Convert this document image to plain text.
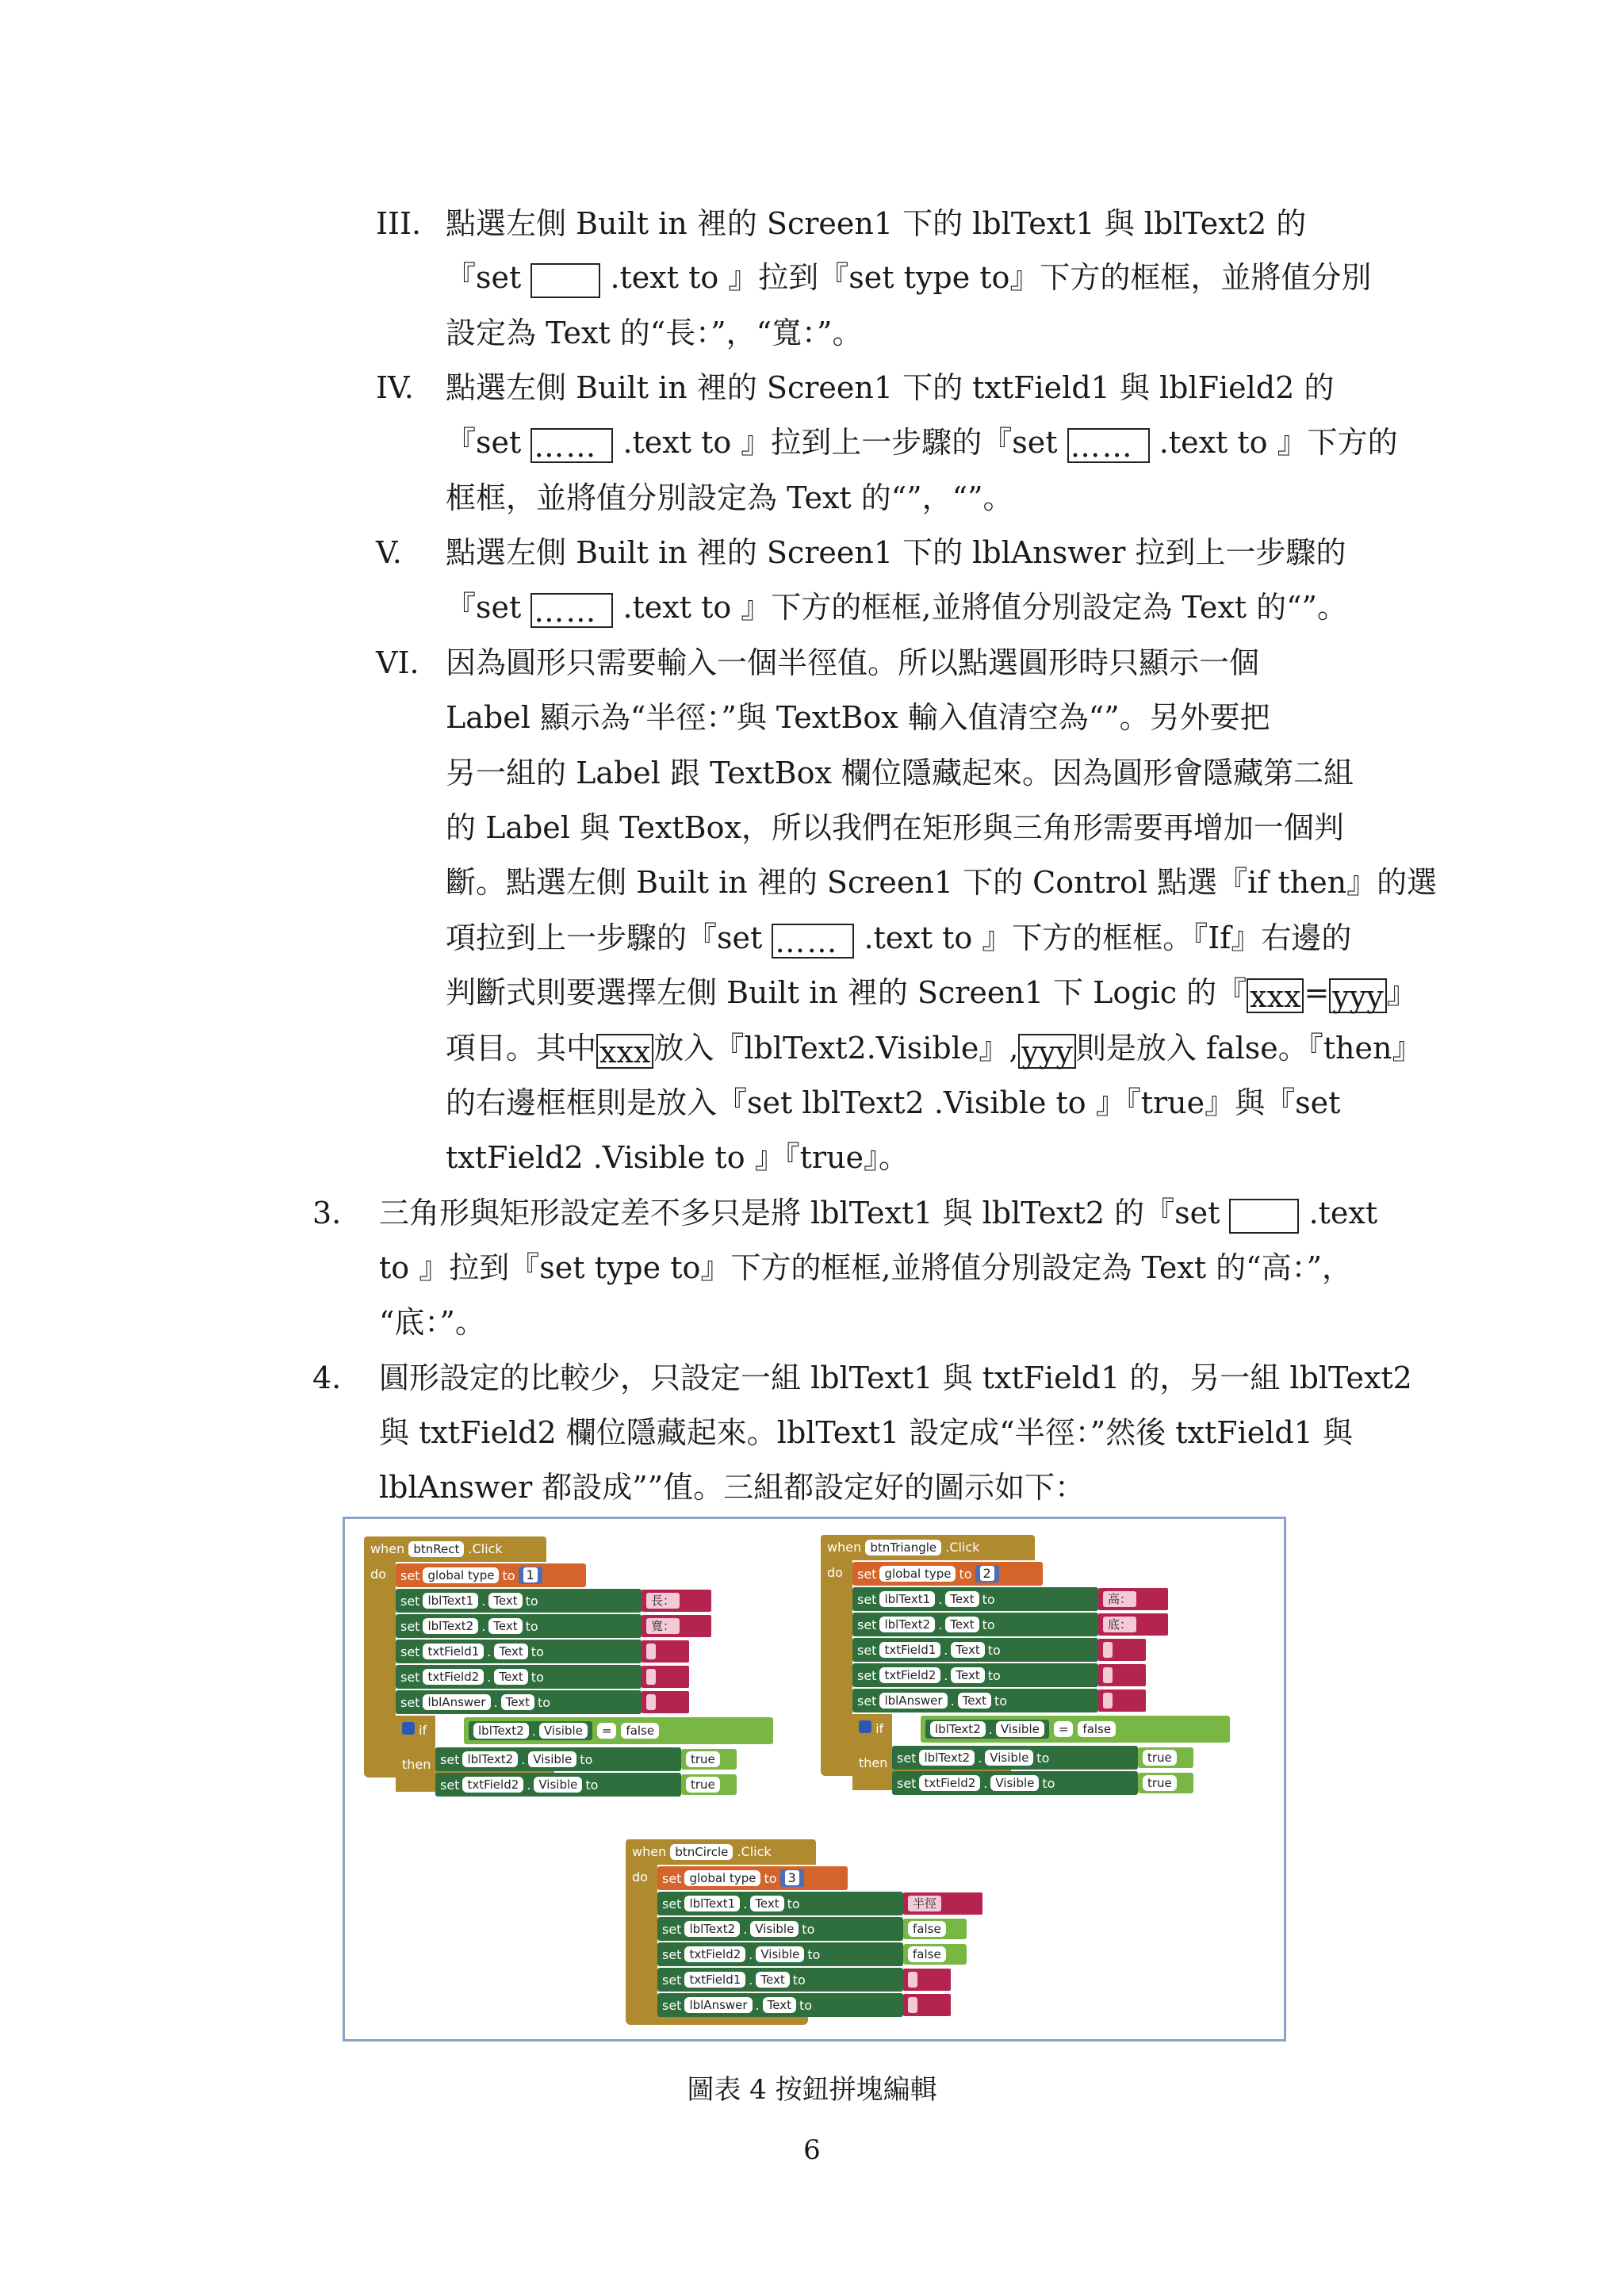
III. 點選左側 Built in 裡的 Screen1 下的 lblText1 與 lblText2 的
『set	.text to 』拉到『set type to』下方的框框，並將值分別
設定為 Text 的“長：”，“寬：”。
IV. 點選左側 Built in 裡的 Screen1 下的 txtField1 與 lblField2 的
『set …… .text to 』拉到上一步驟的『set …… .text to 』下方的
框框，並將值分別設定為 Text 的“”，“”。
V. 點選左側 Built in 裡的 Screen1 下的 lblAnswer 拉到上一步驟的
『set …… .text to 』下方的框框,並將值分別設定為 Text 的“”。
VI. 因為圓形只需要輸入一個半徑值。所以點選圓形時只顯示一個
Label 顯示為“半徑：”與 TextBox 輸入值清空為“”。另外要把
另一組的 Label 跟 TextBox 欄位隱藏起來。因為圓形會隱藏第二組
的 Label 與 TextBox，所以我們在矩形與三角形需要再增加一個判
斷。點選左側 Built in 裡的 Screen1 下的 Control 點選『if then』的選
項拉到上一步驟的『set …… .text to 』下方的框框。『If』右邊的
判斷式則要選擇左側 Built in 裡的 Screen1 下 Logic 的『 xxx = yyy 』
項目。其中 xxx 放入『lblText2.Visible』, yyy 則是放入 false。『then』
的右邊框框則是放入『set lblText2 .Visible to 』『true』與『set
txtField2 .Visible to 』『true』。
3. 三角形與矩形設定差不多只是將 lblText1 與 lblText2 的『set	.text
to 』拉到『set type to』下方的框框,並將值分別設定為 Text 的“高：”，
“底：”。
4. 圓形設定的比較少，只設定一組 lblText1 與 txtField1 的，另一組 lblText2
與 txtField2 欄位隱藏起來。lblText1 設定成“半徑：”然後 txtField1 與
lblAnswer 都設成””值。三組都設定好的圖示如下：
when btnRect .Click
do set global type to 1
set lblText1 . Text to	長：
set lblText2 . Text to	寬：
set txtField1 . Text to
set txtField2 . Text to
set lblAnswer . Text to
if
then
lblText2 . Visible	=	false
set lblText2 . Visible to	true
set txtField2 . Visible to	true
when btnTriangle .Click
do set global type to 2
set lblText1 . Text to	高：
set lblText2 . Text to	底：
set txtField1 . Text to
set txtField2 . Text to
set lblAnswer . Text to
if
then
lblText2 . Visible	=	false
set lblText2 . Visible to	true
set txtField2 . Visible to	true
when btnCircle .Click
do set global type to 3
set lblText1 . Text to	半徑
set lblText2 . Visible to	false
set txtField2 . Visible to	false
set txtField1 . Text to
set lblAnswer . Text to
圖表 4 按鈕拼塊編輯
6
